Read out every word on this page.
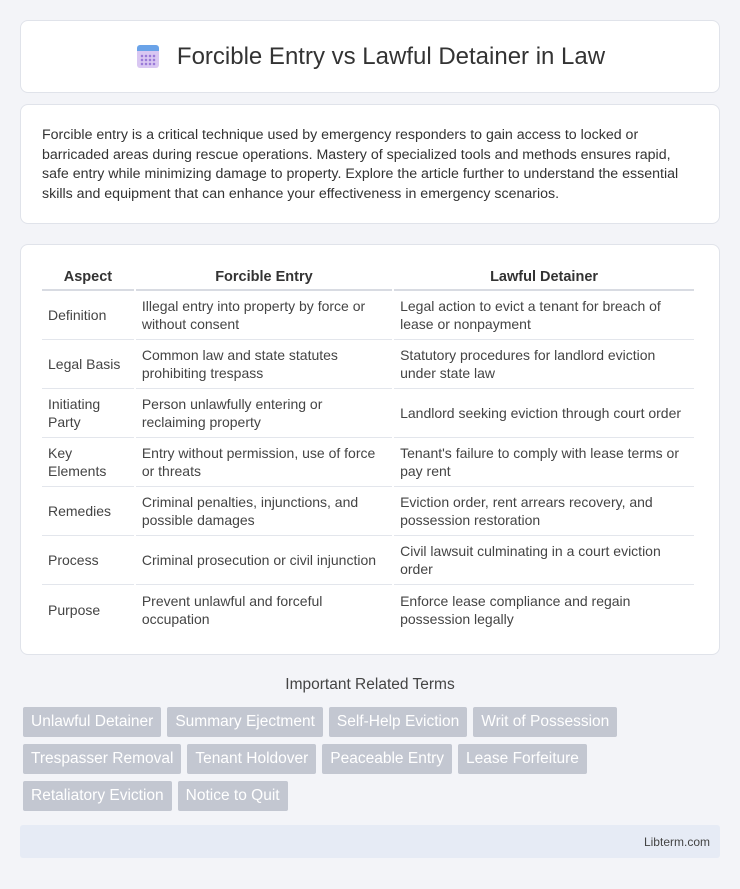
Forcible Entry vs Lawful Detainer in Law

Forcible entry is a critical technique used by emergency responders to gain access to locked or barricaded areas during rescue operations. Mastery of specialized tools and methods ensures rapid, safe entry while minimizing damage to property. Explore the article further to understand the essential skills and equipment that can enhance your effectiveness in emergency scenarios.

Aspect	Forcible Entry	Lawful Detainer
Definition	Illegal entry into property by force or without consent	Legal action to evict a tenant for breach of lease or nonpayment
Legal Basis	Common law and state statutes prohibiting trespass	Statutory procedures for landlord eviction under state law
Initiating Party	Person unlawfully entering or reclaiming property	Landlord seeking eviction through court order
Key Elements	Entry without permission, use of force or threats	Tenant's failure to comply with lease terms or pay rent
Remedies	Criminal penalties, injunctions, and possible damages	Eviction order, rent arrears recovery, and possession restoration
Process	Criminal prosecution or civil injunction	Civil lawsuit culminating in a court eviction order
Purpose	Prevent unlawful and forceful occupation	Enforce lease compliance and regain possession legally
Important Related Terms
Unlawful Detainer	Summary Ejectment	Self-Help Eviction	Writ of Possession
Trespasser Removal	Tenant Holdover	Peaceable Entry	Lease Forfeiture
Retaliatory Eviction	Notice to Quit
Libterm.com
